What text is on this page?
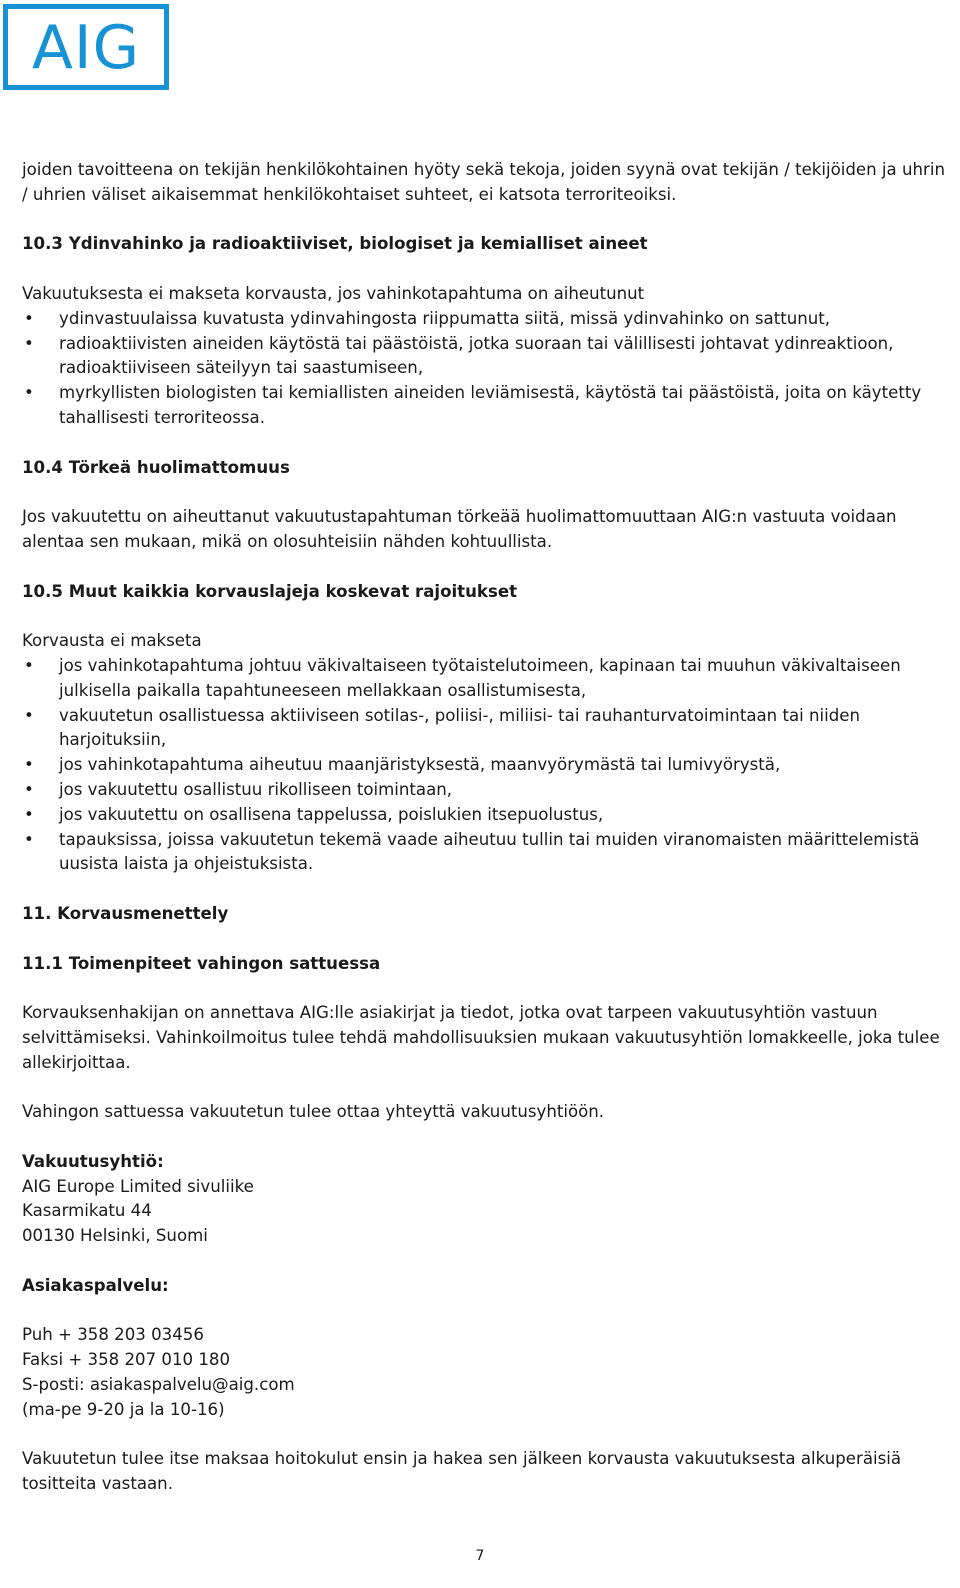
AIG

joiden tavoitteena on tekijän henkilökohtainen hyöty sekä tekoja, joiden syynä ovat tekijän / tekijöiden ja uhrin / uhrien väliset aikaisemmat henkilökohtaiset suhteet, ei katsota terroriteoiksi.

10.3 Ydinvahinko ja radioaktiiviset, biologiset ja kemialliset aineet

Vakuutuksesta ei makseta korvausta, jos vahinkotapahtuma on aiheutunut

• ydinvastuulaissa kuvatusta ydinvahingosta riippumatta siitä, missä ydinvahinko on sattunut,
• radioaktiivisten aineiden käytöstä tai päästöistä, jotka suoraan tai välillisesti johtavat ydinreaktioon, radioaktiiviseen säteilyyn tai saastumiseen,
• myrkyllisten biologisten tai kemiallisten aineiden leviämisestä, käytöstä tai päästöistä, joita on käytetty tahallisesti terroriteossa.
10.4 Törkeä huolimattomuus

Jos vakuutettu on aiheuttanut vakuutustapahtuman törkeää huolimattomuuttaan AIG:n vastuuta voidaan alentaa sen mukaan, mikä on olosuhteisiin nähden kohtuullista.

10.5 Muut kaikkia korvauslajeja koskevat rajoitukset

Korvausta ei makseta

• jos vahinkotapahtuma johtuu väkivaltaiseen työtaistelutoimeen, kapinaan tai muuhun väkivaltaiseen julkisella paikalla tapahtuneeseen mellakkaan osallistumisesta,
• vakuutetun osallistuessa aktiiviseen sotilas-, poliisi-, miliisi- tai rauhanturvatoimintaan tai niiden harjoituksiin,
• jos vahinkotapahtuma aiheutuu maanjäristyksestä, maanvyörymästä tai lumivyörystä,
• jos vakuutettu osallistuu rikolliseen toimintaan,
• jos vakuutettu on osallisena tappelussa, poislukien itsepuolustus,
• tapauksissa, joissa vakuutetun tekemä vaade aiheutuu tullin tai muiden viranomaisten määrittelemistä uusista laista ja ohjeistuksista.
11. Korvausmenettely
11.1 Toimenpiteet vahingon sattuessa

Korvauksenhakijan on annettava AIG:lle asiakirjat ja tiedot, jotka ovat tarpeen vakuutusyhtiön vastuun selvittämiseksi. Vahinkoilmoitus tulee tehdä mahdollisuuksien mukaan vakuutusyhtiön lomakkeelle, joka tulee allekirjoittaa.

Vahingon sattuessa vakuutetun tulee ottaa yhteyttä vakuutusyhtiöön.

Vakuutusyhtiö:

AIG Europe Limited sivuliike

Kasarmikatu 44

00130 Helsinki, Suomi

Asiakaspalvelu:

Puh + 358 203 03456

Faksi + 358 207 010 180

S-posti: asiakaspalvelu@aig.com

(ma-pe 9-20 ja la 10-16)

Vakuutetun tulee itse maksaa hoitokulut ensin ja hakea sen jälkeen korvausta vakuutuksesta alkuperäisiä tositteita vastaan.

7
